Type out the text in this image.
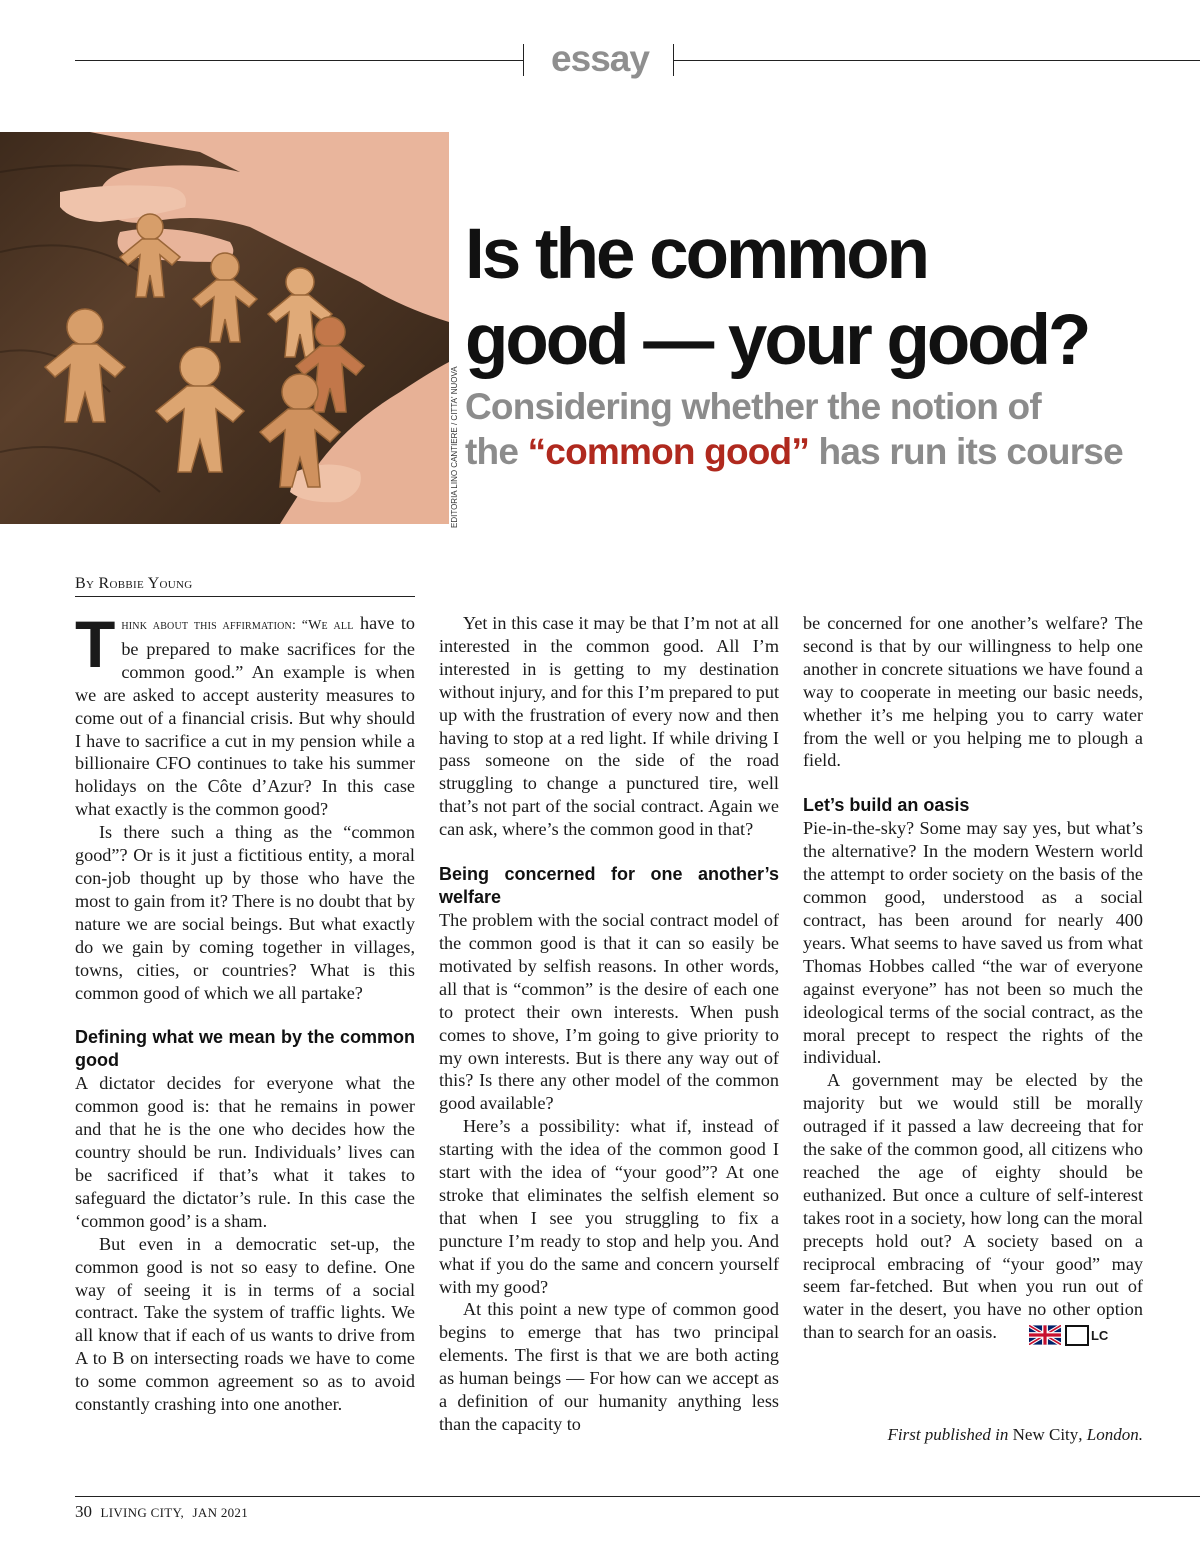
essay
EDITORIA LINO CANTIERE / CITTA' NUOVA
Is the common
good — your good?
Considering whether the notion of
the “common good” has run its course
By Robbie Young

Think about this affirmation: “We all have to be prepared to make sacrifices for the common good.” An example is when we are asked to accept austerity measures to come out of a financial crisis. But why should I have to sacrifice a cut in my pension while a billionaire CFO continues to take his summer holidays on the Côte d’Azur? In this case what exactly is the common good?

Is there such a thing as the “common good”? Or is it just a fictitious entity, a moral con-job thought up by those who have the most to gain from it? There is no doubt that by nature we are social beings. But what exactly do we gain by coming together in villages, towns, cities, or countries? What is this common good of which we all partake?

Defining what we mean by the common good

A dictator decides for everyone what the common good is: that he remains in power and that he is the one who decides how the country should be run. Individuals’ lives can be sacrificed if that’s what it takes to safeguard the dictator’s rule. In this case the ‘common good’ is a sham.

But even in a democratic set-up, the common good is not so easy to define. One way of seeing it is in terms of a social contract. Take the system of traffic lights. We all know that if each of us wants to drive from A to B on intersecting roads we have to come to some common agreement so as to avoid constantly crashing into one another.

Yet in this case it may be that I’m not at all interested in the common good. All I’m interested in is getting to my destination without injury, and for this I’m prepared to put up with the frustration of every now and then having to stop at a red light. If while driving I pass someone on the side of the road struggling to change a punctured tire, well that’s not part of the social contract. Again we can ask, where’s the common good in that?

Being concerned for one another’s welfare

The problem with the social contract model of the common good is that it can so easily be motivated by selfish reasons. In other words, all that is “common” is the desire of each one to protect their own interests. When push comes to shove, I’m going to give priority to my own interests. But is there any way out of this? Is there any other model of the common good available?

Here’s a possibility: what if, instead of starting with the idea of the common good I start with the idea of “your good”? At one stroke that eliminates the selfish element so that when I see you struggling to fix a puncture I’m ready to stop and help you. And what if you do the same and concern yourself with my good?

At this point a new type of common good begins to emerge that has two principal elements. The first is that we are both acting as human beings — For how can we accept as a definition of our humanity anything less than the capacity to

be concerned for one another’s welfare? The second is that by our willingness to help one another in concrete situations we have found a way to cooperate in meeting our basic needs, whether it’s me helping you to carry water from the well or you helping me to plough a field.

Let’s build an oasis

Pie-in-the-sky? Some may say yes, but what’s the alternative? In the modern Western world the attempt to order society on the basis of the common good, understood as a social contract, has been around for nearly 400 years. What seems to have saved us from what Thomas Hobbes called “the war of everyone against everyone” has not been so much the ideological terms of the social contract, as the moral precept to respect the rights of the individual.

A government may be elected by the majority but we would still be morally outraged if it passed a law decreeing that for the sake of the common good, all citizens who reached the age of eighty should be euthanized. But once a culture of self-interest takes root in a society, how long can the moral precepts hold out? A society based on a reciprocal embracing of “your good” may seem far-fetched. But when you run out of water in the desert, you have no other option than to search for an oasis.	LC

First published in New City, London.
30 LIVING CITY, JAN 2021
